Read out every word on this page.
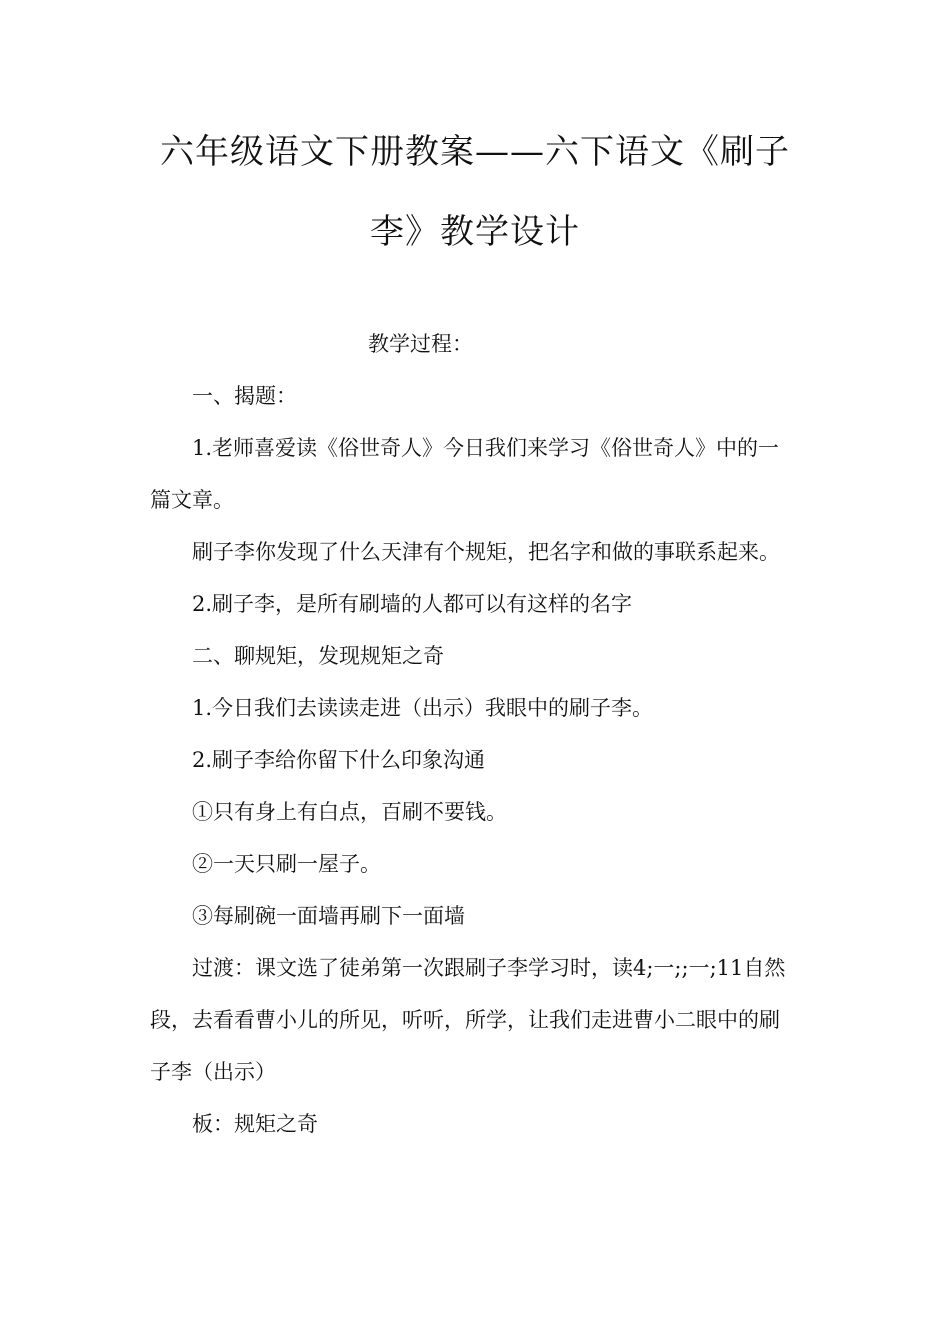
六年级语文下册教案——六下语文《刷子
李》教学设计

教学过程：

一、揭题：

1.老师喜爱读《俗世奇人》今日我们来学习《俗世奇人》中的一篇文章。

刷子李你发现了什么天津有个规矩，把名字和做的事联系起来。

2.刷子李，是所有刷墙的人都可以有这样的名字

二、聊规矩，发现规矩之奇

1.今日我们去读读走进（出示）我眼中的刷子李。

2.刷子李给你留下什么印象沟通

①只有身上有白点，百刷不要钱。

②一天只刷一屋子。

③每刷碗一面墙再刷下一面墙

过渡：课文选了徒弟第一次跟刷子李学习时，读4;一;;一;11自然段，去看看曹小儿的所见，听听，所学，让我们走进曹小二眼中的刷子李（出示）

板：规矩之奇
